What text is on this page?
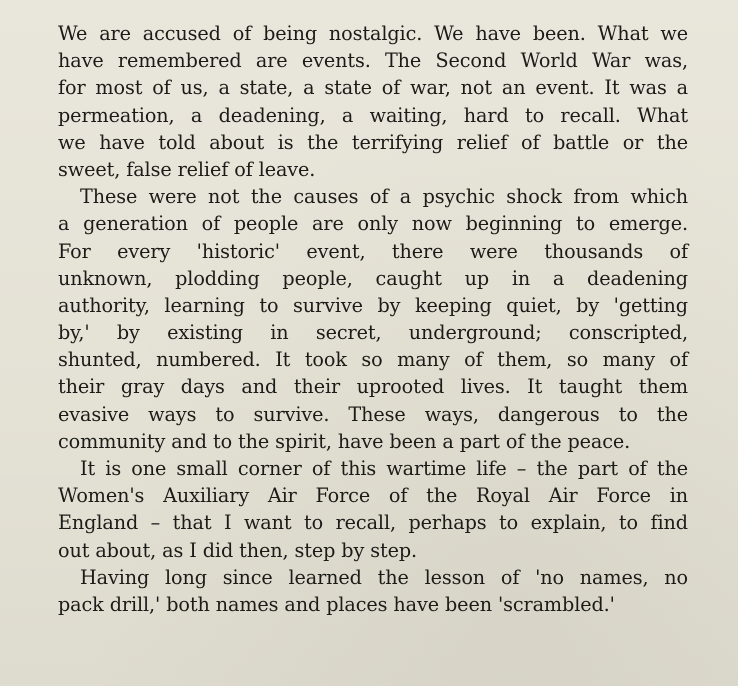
We are accused of being nostalgic. We have been. What we
have remembered are events. The Second World War was,
for most of us, a state, a state of war, not an event. It was a
permeation, a deadening, a waiting, hard to recall. What
we have told about is the terrifying relief of battle or the
sweet, false relief of leave.
These were not the causes of a psychic shock from which
a generation of people are only now beginning to emerge.
For every 'historic' event, there were thousands of
unknown, plodding people, caught up in a deadening
authority, learning to survive by keeping quiet, by 'getting
by,' by existing in secret, underground; conscripted,
shunted, numbered. It took so many of them, so many of
their gray days and their uprooted lives. It taught them
evasive ways to survive. These ways, dangerous to the
community and to the spirit, have been a part of the peace.
It is one small corner of this wartime life – the part of the
Women's Auxiliary Air Force of the Royal Air Force in
England – that I want to recall, perhaps to explain, to find
out about, as I did then, step by step.
Having long since learned the lesson of 'no names, no
pack drill,' both names and places have been 'scrambled.'
